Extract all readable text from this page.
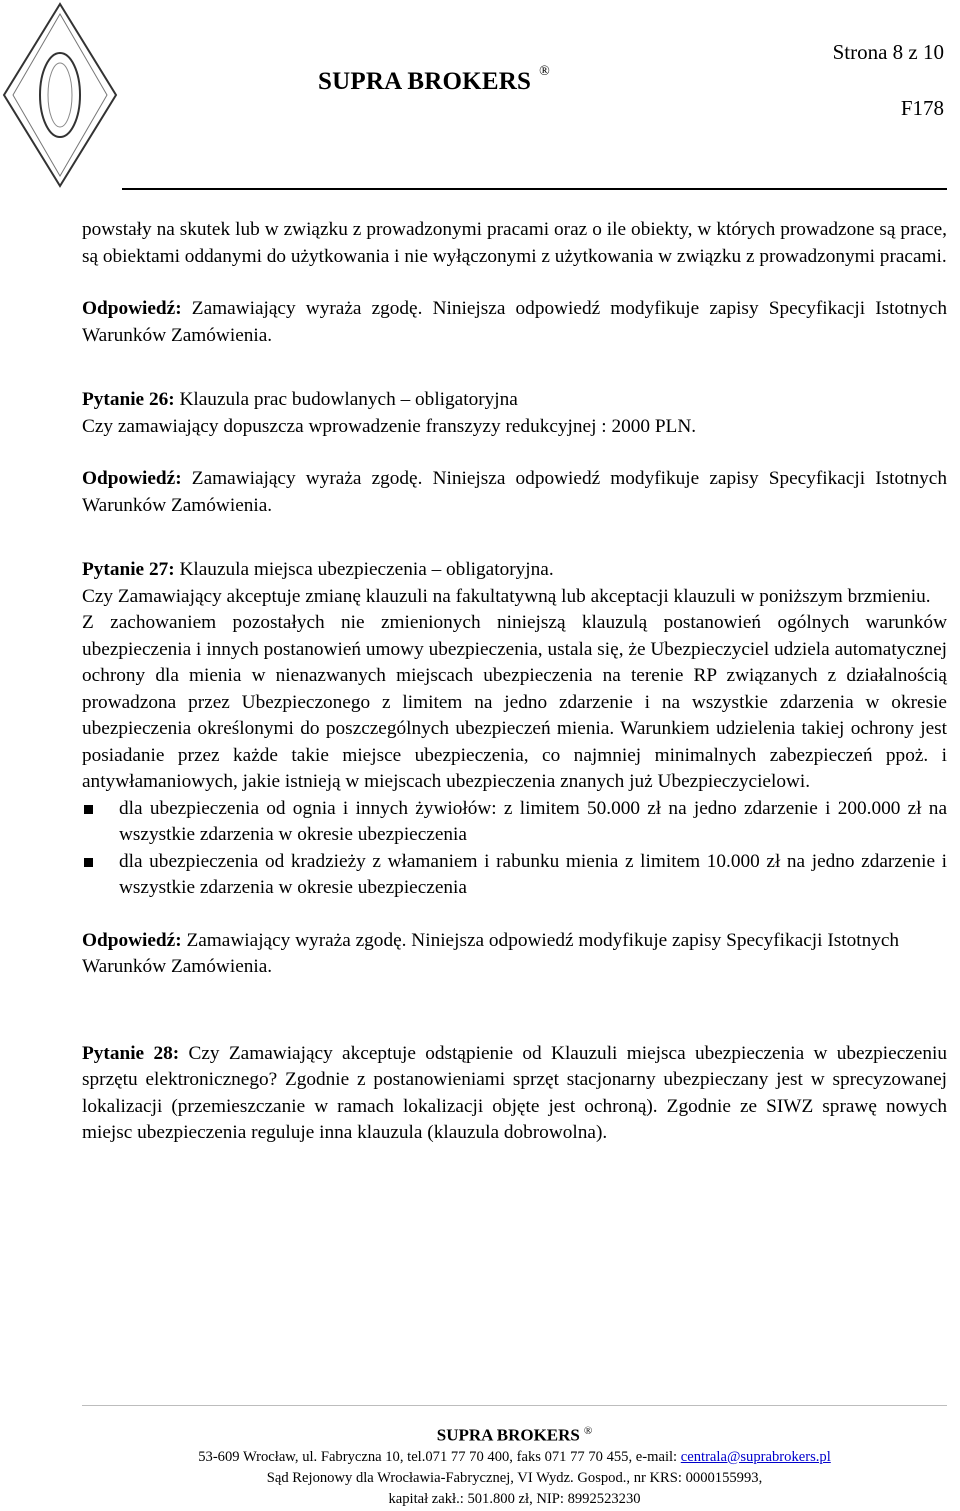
Strona 8 z 10
SUPRA BROKERS ®
F178

powstały na skutek lub w związku z prowadzonymi pracami oraz o ile obiekty, w których prowadzone są prace, są obiektami oddanymi do użytkowania i nie wyłączonymi z użytkowania w związku z prowadzonymi pracami.

Odpowiedź: Zamawiający wyraża zgodę. Niniejsza odpowiedź modyfikuje zapisy Specyfikacji Istotnych Warunków Zamówienia.

Pytanie 26: Klauzula prac budowlanych – obligatoryjna

Czy zamawiający dopuszcza wprowadzenie franszyzy redukcyjnej : 2000 PLN.

Odpowiedź: Zamawiający wyraża zgodę. Niniejsza odpowiedź modyfikuje zapisy Specyfikacji Istotnych Warunków Zamówienia.

Pytanie 27: Klauzula miejsca ubezpieczenia – obligatoryjna.

Czy Zamawiający akceptuje zmianę klauzuli na fakultatywną lub akceptacji klauzuli w poniższym brzmieniu.

Z zachowaniem pozostałych nie zmienionych niniejszą klauzulą postanowień ogólnych warunków ubezpieczenia i innych postanowień umowy ubezpieczenia, ustala się, że Ubezpieczyciel udziela automatycznej ochrony dla mienia w nienazwanych miejscach ubezpieczenia na terenie RP związanych z działalnością prowadzona przez Ubezpieczonego z limitem na jedno zdarzenie i na wszystkie zdarzenia w okresie ubezpieczenia określonymi do poszczególnych ubezpieczeń mienia. Warunkiem udzielenia takiej ochrony jest posiadanie przez każde takie miejsce ubezpieczenia, co najmniej minimalnych zabezpieczeń ppoż. i antywłamaniowych, jakie istnieją w miejscach ubezpieczenia znanych już Ubezpieczycielowi.

dla ubezpieczenia od ognia i innych żywiołów: z limitem 50.000 zł na jedno zdarzenie i 200.000 zł na wszystkie zdarzenia w okresie ubezpieczenia
dla ubezpieczenia od kradzieży z włamaniem i rabunku mienia z limitem 10.000 zł na jedno zdarzenie i wszystkie zdarzenia w okresie ubezpieczenia

Odpowiedź: Zamawiający wyraża zgodę. Niniejsza odpowiedź modyfikuje zapisy Specyfikacji Istotnych Warunków Zamówienia.

Pytanie 28: Czy Zamawiający akceptuje odstąpienie od Klauzuli miejsca ubezpieczenia w ubezpieczeniu sprzętu elektronicznego? Zgodnie z postanowieniami sprzęt stacjonarny ubezpieczany jest w sprecyzowanej lokalizacji (przemieszczanie w ramach lokalizacji objęte jest ochroną). Zgodnie ze SIWZ sprawę nowych miejsc ubezpieczenia reguluje inna klauzula (klauzula dobrowolna).

SUPRA BROKERS ®
53-609 Wrocław, ul. Fabryczna 10, tel.071 77 70 400, faks 071 77 70 455, e-mail: centrala@suprabrokers.pl
Sąd Rejonowy dla Wrocławia-Fabrycznej, VI Wydz. Gospod., nr KRS: 0000155993,
kapitał zakł.: 501.800 zł, NIP: 8992523230
